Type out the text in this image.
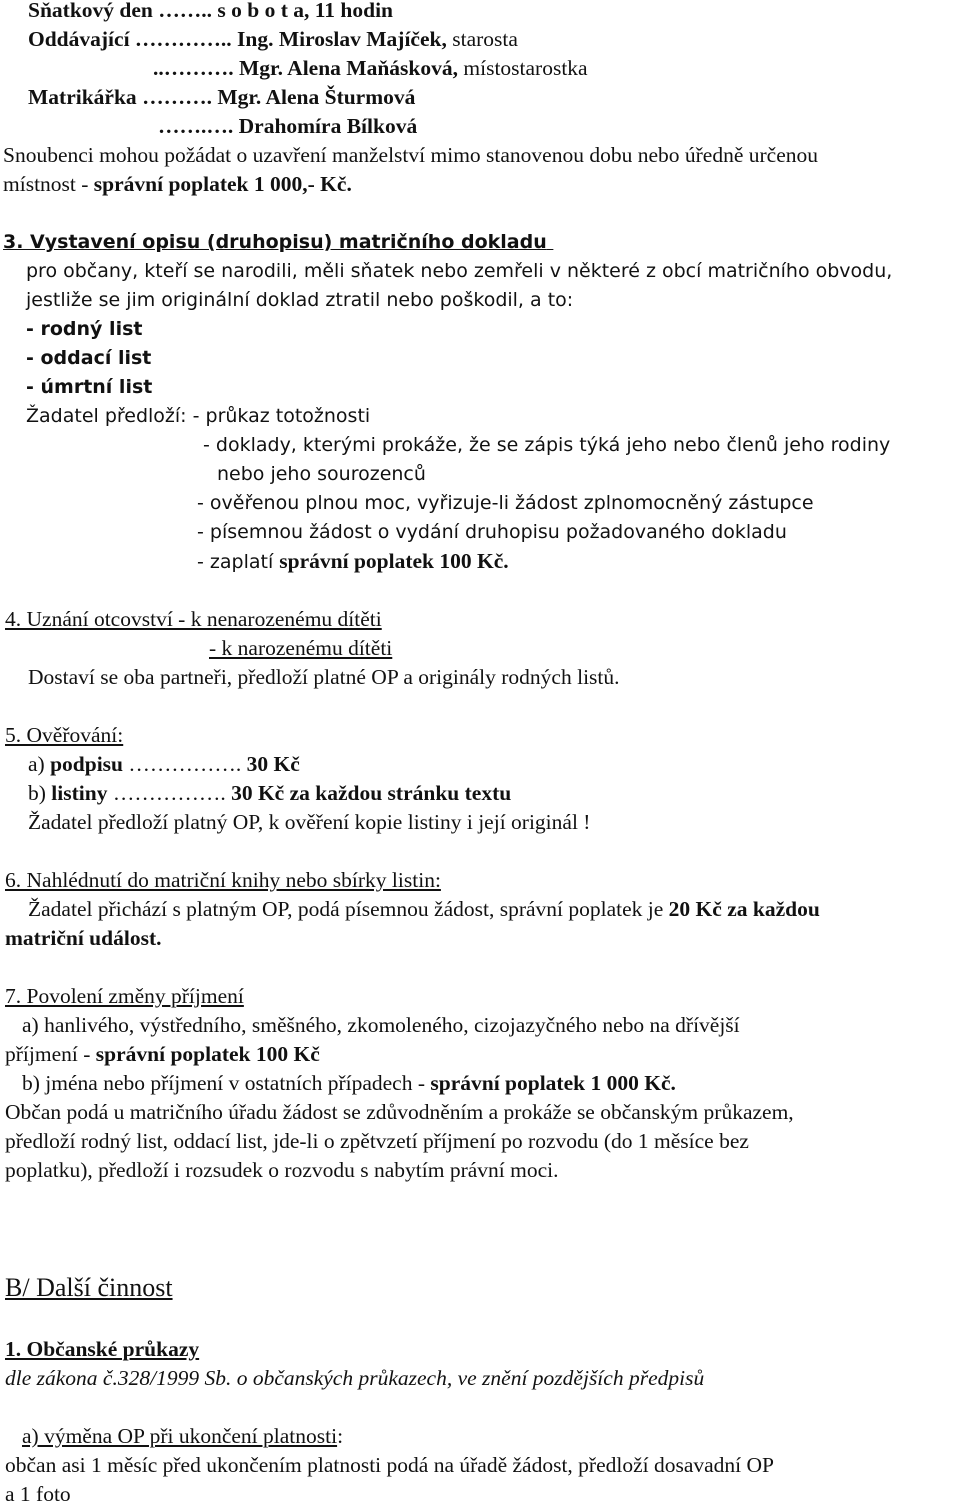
Sňatkový den …….. s o b o t a, 11 hodin
Oddávající ………….. Ing. Miroslav Majíček, starosta
..………. Mgr. Alena Maňásková, místostarostka
Matrikářka ………. Mgr. Alena Šturmová
…….…. Drahomíra Bílková
Snoubenci mohou požádat o uzavření manželství mimo stanovenou dobu nebo úředně určenou
místnost - správní poplatek 1 000,- Kč.
3. Vystavení opisu (druhopisu) matričního dokladu
pro občany, kteří se narodili, měli sňatek nebo zemřeli v některé z obcí matričního obvodu,
jestliže se jim originální doklad ztratil nebo poškodil, a to:
- rodný list
- oddací list
- úmrtní list
Žadatel předloží: - průkaz totožnosti
- doklady, kterými prokáže, že se zápis týká jeho nebo členů jeho rodiny
nebo jeho sourozenců
- ověřenou plnou moc, vyřizuje-li žádost zplnomocněný zástupce
- písemnou žádost o vydání druhopisu požadovaného dokladu
- zaplatí správní poplatek 100 Kč.
4. Uznání otcovství - k nenarozenému dítěti
- k narozenému dítěti
Dostaví se oba partneři, předloží platné OP a originály rodných listů.
5. Ověřování:
a) podpisu ……………. 30 Kč
b) listiny ……………. 30 Kč za každou stránku textu
Žadatel předloží platný OP, k ověření kopie listiny i její originál !
6. Nahlédnutí do matriční knihy nebo sbírky listin:
Žadatel přichází s platným OP, podá písemnou žádost, správní poplatek je 20 Kč za každou
matriční událost.
7. Povolení změny příjmení
a) hanlivého, výstředního, směšného, zkomoleného, cizojazyčného nebo na dřívější
příjmení - správní poplatek 100 Kč
b) jména nebo příjmení v ostatních případech - správní poplatek 1 000 Kč.
Občan podá u matričního úřadu žádost se zdůvodněním a prokáže se občanským průkazem,
předloží rodný list, oddací list, jde-li o zpětvzetí příjmení po rozvodu (do 1 měsíce bez
poplatku), předloží i rozsudek o rozvodu s nabytím právní moci.
B/ Další činnost
1. Občanské průkazy
dle zákona č.328/1999 Sb. o občanských průkazech, ve znění pozdějších předpisů
a) výměna OP při ukončení platnosti:
občan asi 1 měsíc před ukončením platnosti podá na úřadě žádost, předloží dosavadní OP
a 1 foto
